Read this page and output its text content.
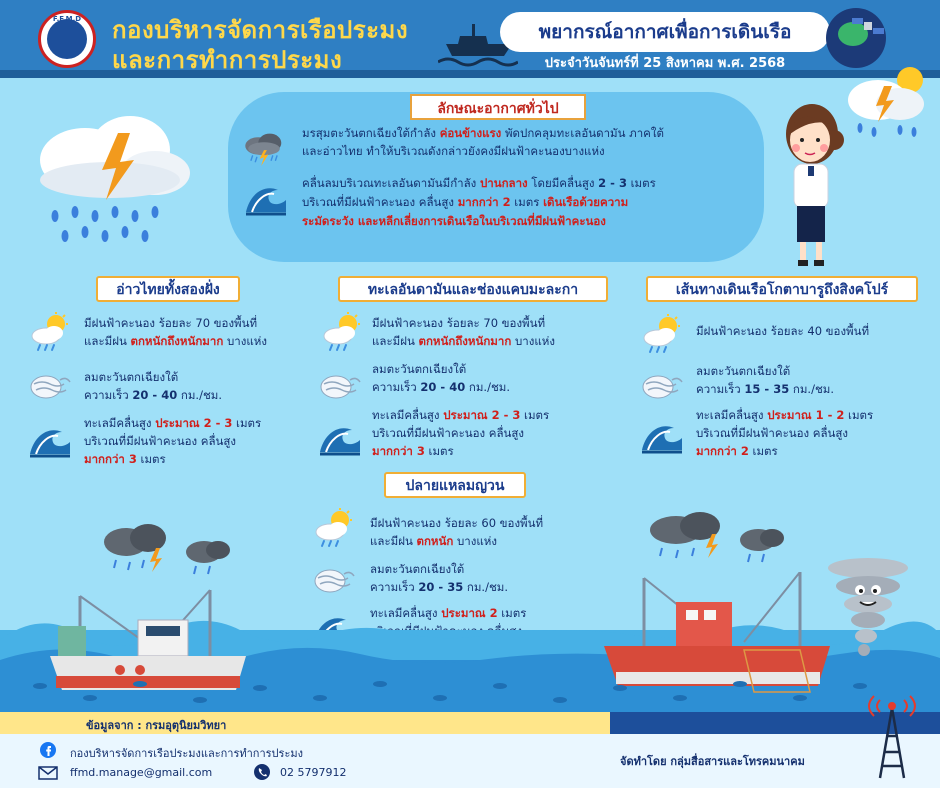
F.F.M.D	กองบริหารจัดการเรือประมง
และการทำการประมง
พยากรณ์อากาศเพื่อการเดินเรือ
ประจำวันจันทร์ที่ 25 สิงหาคม พ.ศ. 2568
ลักษณะอากาศทั่วไป
มรสุมตะวันตกเฉียงใต้กำลัง ค่อนข้างแรง พัดปกคลุมทะเลอันดามัน ภาคใต้
และอ่าวไทย ทำให้บริเวณดังกล่าวยังคงมีฝนฟ้าคะนองบางแห่ง
คลื่นลมบริเวณทะเลอันดามันมีกำลัง ปานกลาง โดยมีคลื่นสูง 2 - 3 เมตร
บริเวณที่มีฝนฟ้าคะนอง คลื่นสูง มากกว่า 2 เมตร เดินเรือด้วยความ
ระมัดระวัง และหลีกเลี่ยงการเดินเรือในบริเวณที่มีฝนฟ้าคะนอง
อ่าวไทยทั้งสองฝั่ง
มีฝนฟ้าคะนอง ร้อยละ 70 ของพื้นที่
และมีฝน ตกหนักถึงหนักมาก บางแห่ง
ลมตะวันตกเฉียงใต้
ความเร็ว 20 - 40 กม./ชม.
ทะเลมีคลื่นสูง ประมาณ 2 - 3 เมตร
บริเวณที่มีฝนฟ้าคะนอง คลื่นสูง
มากกว่า 3 เมตร
ทะเลอันดามันและช่องแคบมะละกา
มีฝนฟ้าคะนอง ร้อยละ 70 ของพื้นที่
และมีฝน ตกหนักถึงหนักมาก บางแห่ง
ลมตะวันตกเฉียงใต้
ความเร็ว 20 - 40 กม./ชม.
ทะเลมีคลื่นสูง ประมาณ 2 - 3 เมตร
บริเวณที่มีฝนฟ้าคะนอง คลื่นสูง
มากกว่า 3 เมตร
เส้นทางเดินเรือโกตาบารูถึงสิงคโปร์
มีฝนฟ้าคะนอง ร้อยละ 40 ของพื้นที่
ลมตะวันตกเฉียงใต้
ความเร็ว 15 - 35 กม./ชม.
ทะเลมีคลื่นสูง ประมาณ 1 - 2 เมตร
บริเวณที่มีฝนฟ้าคะนอง คลื่นสูง
มากกว่า 2 เมตร
ปลายแหลมญวน
มีฝนฟ้าคะนอง ร้อยละ 60 ของพื้นที่
และมีฝน ตกหนัก บางแห่ง
ลมตะวันตกเฉียงใต้
ความเร็ว 20 - 35 กม./ชม.
ทะเลมีคลื่นสูง ประมาณ 2 เมตร
ข้อมูลจาก : กรมอุตุนิยมวิทยา
กองบริหารจัดการเรือประมงและการทำการประมง
ffmd.manage@gmail.com	02 5797912
จัดทำโดย กลุ่มสื่อสารและโทรคมนาคม
